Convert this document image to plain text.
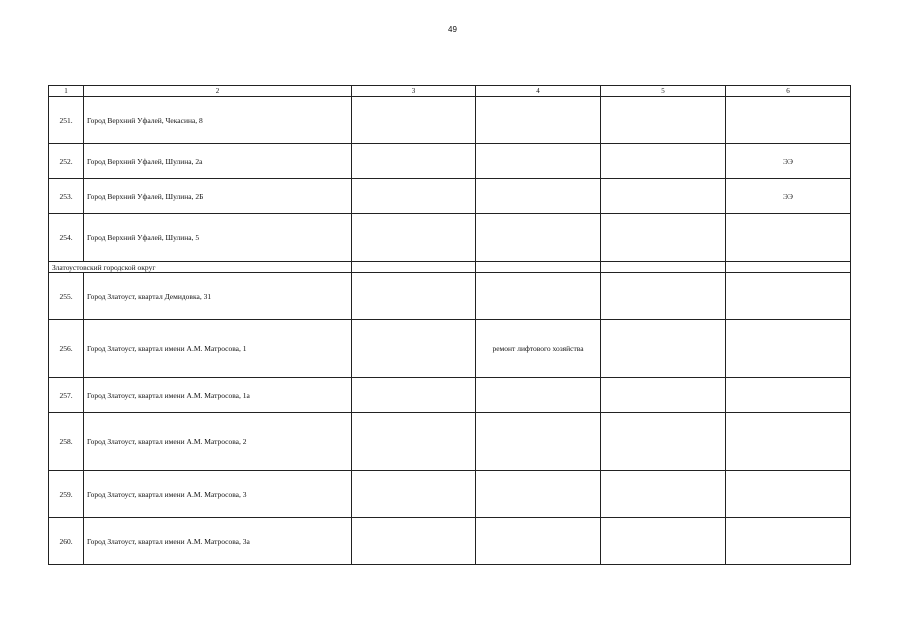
49
1	2	3	4	5	6
251.	Город Верхний Уфалей, Чекасина, 8				
252.	Город Верхний Уфалей, Шулина, 2а				ЭЭ
253.	Город Верхний Уфалей, Шулина, 2Б				ЭЭ
254.	Город Верхний Уфалей, Шулина, 5				
Златоустовский городской округ					
255.	Город Златоуст, квартал Демидовка, 31				
256.	Город Златоуст, квартал имени А.М. Матросова, 1		ремонт лифтового хозяйства		
257.	Город Златоуст, квартал имени А.М. Матросова, 1а				
258.	Город Златоуст, квартал имени А.М. Матросова, 2				
259.	Город Златоуст, квартал имени А.М. Матросова, 3				
260.	Город Златоуст, квартал имени А.М. Матросова, 3а				
